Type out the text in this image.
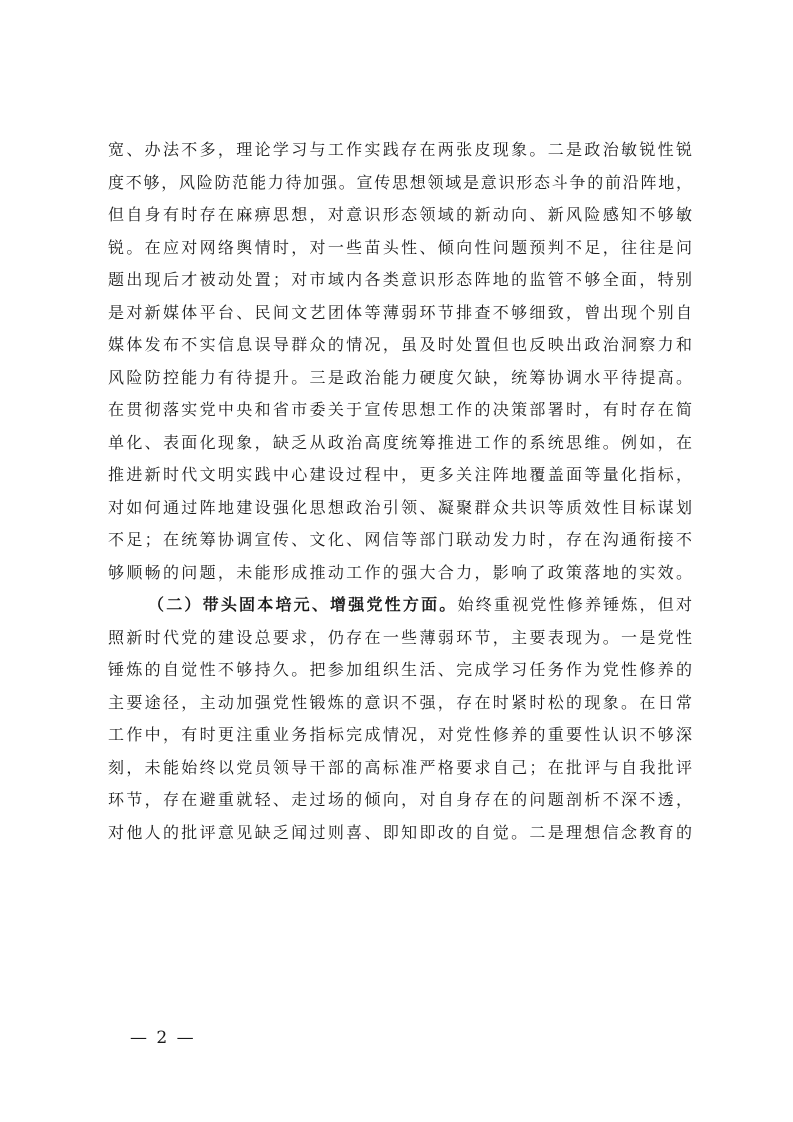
宽、办法不多，理论学习与工作实践存在两张皮现象。二是政治敏锐性锐
度不够，风险防范能力待加强。宣传思想领域是意识形态斗争的前沿阵地，
但自身有时存在麻痹思想，对意识形态领域的新动向、新风险感知不够敏
锐。在应对网络舆情时，对一些苗头性、倾向性问题预判不足，往往是问
题出现后才被动处置；对市域内各类意识形态阵地的监管不够全面，特别
是对新媒体平台、民间文艺团体等薄弱环节排查不够细致，曾出现个别自
媒体发布不实信息误导群众的情况，虽及时处置但也反映出政治洞察力和
风险防控能力有待提升。三是政治能力硬度欠缺，统筹协调水平待提高。
在贯彻落实党中央和省市委关于宣传思想工作的决策部署时，有时存在简
单化、表面化现象，缺乏从政治高度统筹推进工作的系统思维。例如，在
推进新时代文明实践中心建设过程中，更多关注阵地覆盖面等量化指标，
对如何通过阵地建设强化思想政治引领、凝聚群众共识等质效性目标谋划
不足；在统筹协调宣传、文化、网信等部门联动发力时，存在沟通衔接不
够顺畅的问题，未能形成推动工作的强大合力，影响了政策落地的实效。
（二）带头固本培元、增强党性方面。始终重视党性修养锤炼，但对
照新时代党的建设总要求，仍存在一些薄弱环节，主要表现为。一是党性
锤炼的自觉性不够持久。把参加组织生活、完成学习任务作为党性修养的
主要途径，主动加强党性锻炼的意识不强，存在时紧时松的现象。在日常
工作中，有时更注重业务指标完成情况，对党性修养的重要性认识不够深
刻，未能始终以党员领导干部的高标准严格要求自己；在批评与自我批评
环节，存在避重就轻、走过场的倾向，对自身存在的问题剖析不深不透，
对他人的批评意见缺乏闻过则喜、即知即改的自觉。二是理想信念教育的
— 2 —
